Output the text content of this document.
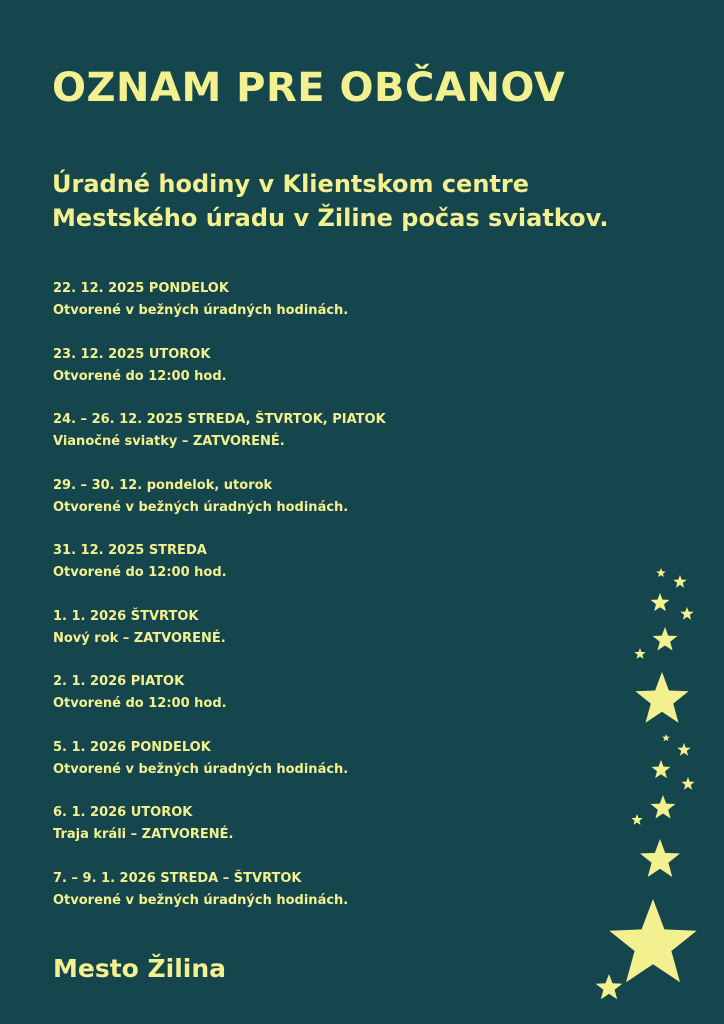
OZNAM PRE OBČANOV
Úradné hodiny v Klientskom centre
Mestského úradu v Žiline počas sviatkov.
22. 12. 2025 PONDELOK
Otvorené v bežných úradných hodinách.
23. 12. 2025 UTOROK
Otvorené do 12:00 hod.
24. – 26. 12. 2025 STREDA, ŠTVRTOK, PIATOK
Vianočné sviatky – ZATVORENÉ.
29. – 30. 12. pondelok, utorok
Otvorené v bežných úradných hodinách.
31. 12. 2025 STREDA
Otvorené do 12:00 hod.
1. 1. 2026 ŠTVRTOK
Nový rok – ZATVORENÉ.
2. 1. 2026 PIATOK
Otvorené do 12:00 hod.
5. 1. 2026 PONDELOK
Otvorené v bežných úradných hodinách.
6. 1. 2026 UTOROK
Traja králi – ZATVORENÉ.
7. – 9. 1. 2026 STREDA – ŠTVRTOK
Otvorené v bežných úradných hodinách.
Mesto Žilina
